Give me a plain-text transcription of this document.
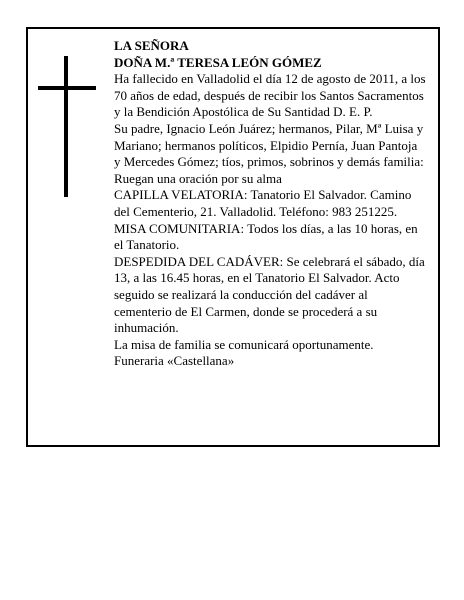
LA SEÑORA

DOÑA M.ª TERESA LEÓN GÓMEZ

Ha fallecido en Valladolid el día 12 de agosto de 2011, a los 70 años de edad, después de recibir los Santos Sacramentos y la Bendición Apostólica de Su Santidad D. E. P.

Su padre, Ignacio León Juárez; hermanos, Pilar, Mª Luisa y Mariano; hermanos políticos, Elpidio Pernía, Juan Pantoja y Mercedes Gómez; tíos, primos, sobrinos y demás familia:

Ruegan una oración por su alma

CAPILLA VELATORIA: Tanatorio El Salvador. Camino del Cementerio, 21. Valladolid. Teléfono: 983 251225.

MISA COMUNITARIA: Todos los días, a las 10 horas, en el Tanatorio.

DESPEDIDA DEL CADÁVER: Se celebrará el sábado, día 13, a las 16.45 horas, en el Tanatorio El Salvador. Acto seguido se realizará la conducción del cadáver al cementerio de El Carmen, donde se procederá a su inhumación.

La misa de familia se comunicará oportunamente.

Funeraria «Castellana»
